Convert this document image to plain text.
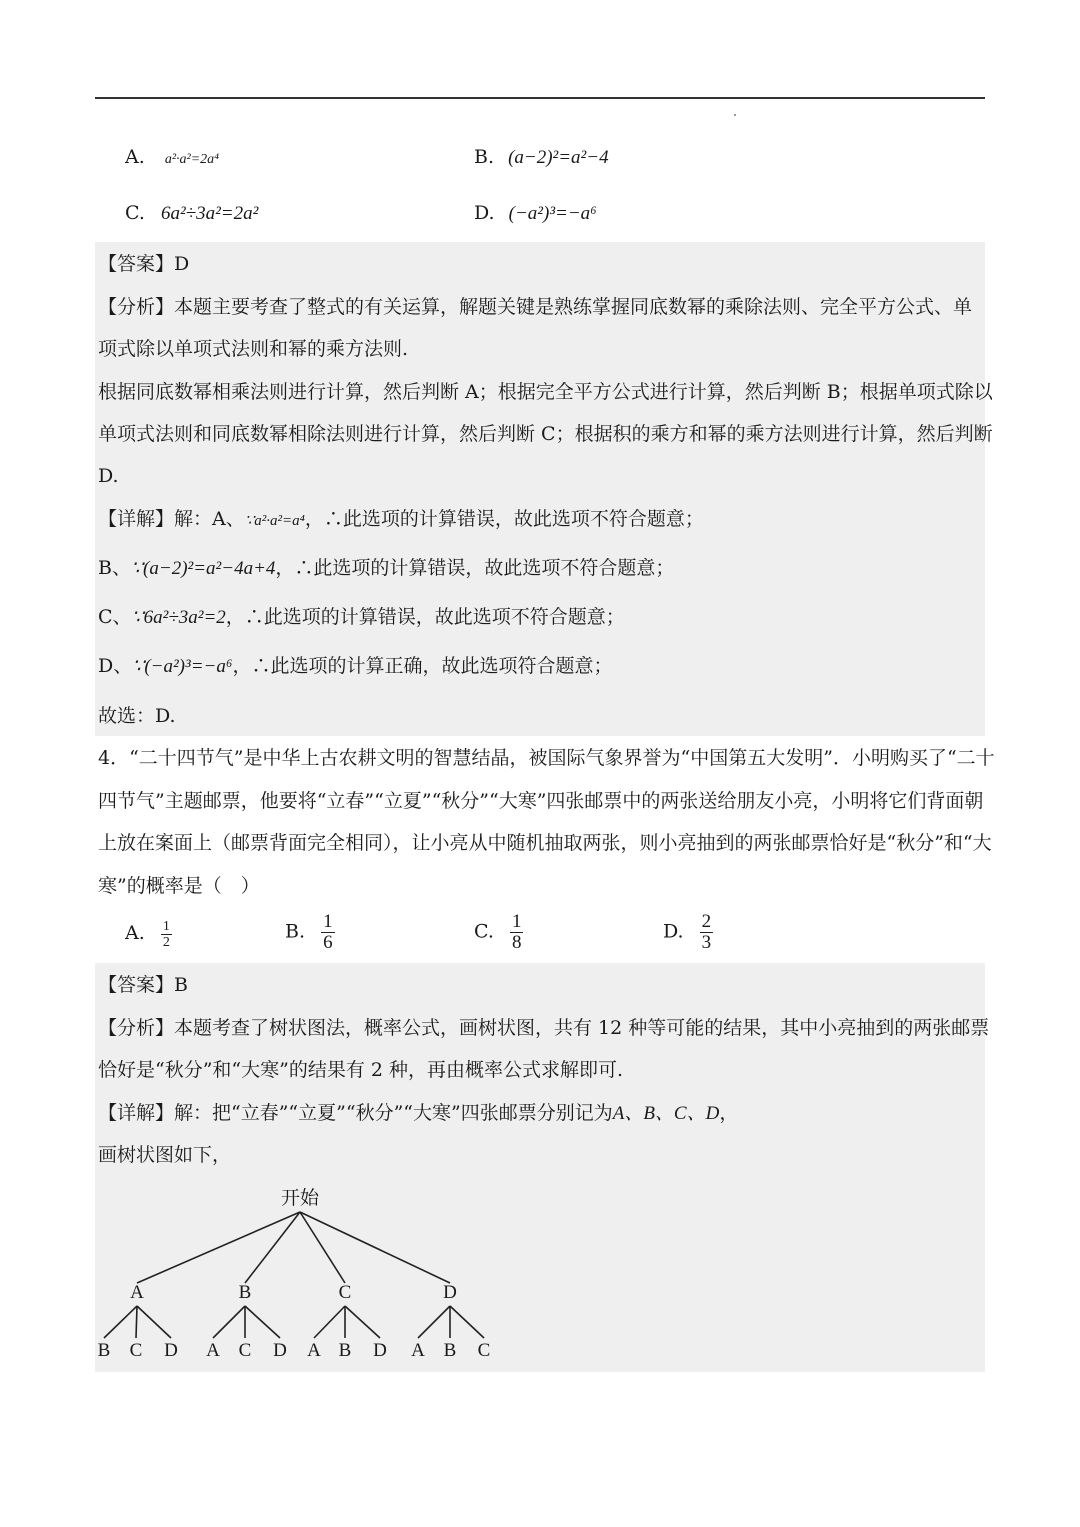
A. a²·a²=2a⁴	B. (a−2)²=a²−4
C. 6a²÷3a²=2a²	D. (−a²)³=−a⁶
【答案】D
【分析】本题主要考查了整式的有关运算，解题关键是熟练掌握同底数幂的乘除法则、完全平方公式、单
项式除以单项式法则和幂的乘方法则.
根据同底数幂相乘法则进行计算，然后判断 A；根据完全平方公式进行计算，然后判断 B；根据单项式除以
单项式法则和同底数幂相除法则进行计算，然后判断 C；根据积的乘方和幂的乘方法则进行计算，然后判断
D.
【详解】解：A、∵a²·a²=a⁴，∴此选项的计算错误，故此选项不符合题意；
B、∵(a−2)²=a²−4a+4，∴此选项的计算错误，故此选项不符合题意；
C、∵6a²÷3a²=2，∴此选项的计算错误，故此选项不符合题意；
D、∵(−a²)³=−a⁶，∴此选项的计算正确，故此选项符合题意；
故选：D.
4．“二十四节气”是中华上古农耕文明的智慧结晶，被国际气象界誉为“中国第五大发明”．小明购买了“二十
四节气”主题邮票，他要将“立春”“立夏”“秋分”“大寒”四张邮票中的两张送给朋友小亮，小明将它们背面朝
上放在案面上（邮票背面完全相同），让小亮从中随机抽取两张，则小亮抽到的两张邮票恰好是“秋分”和“大
寒”的概率是（　）
A. $\frac{1}{2}$	B. $\frac{1}{6}$	C. $\frac{1}{8}$	D. $\frac{2}{3}$
【答案】B
【分析】本题考查了树状图法，概率公式，画树状图，共有 12 种等可能的结果，其中小亮抽到的两张邮票
恰好是“秋分”和“大寒”的结果有 2 种，再由概率公式求解即可.
【详解】解：把“立春”“立夏”“秋分”“大寒”四张邮票分别记为A、B、C、D，
画树状图如下，
开始
A	B	C	D
B C D A C D A B D A B C
